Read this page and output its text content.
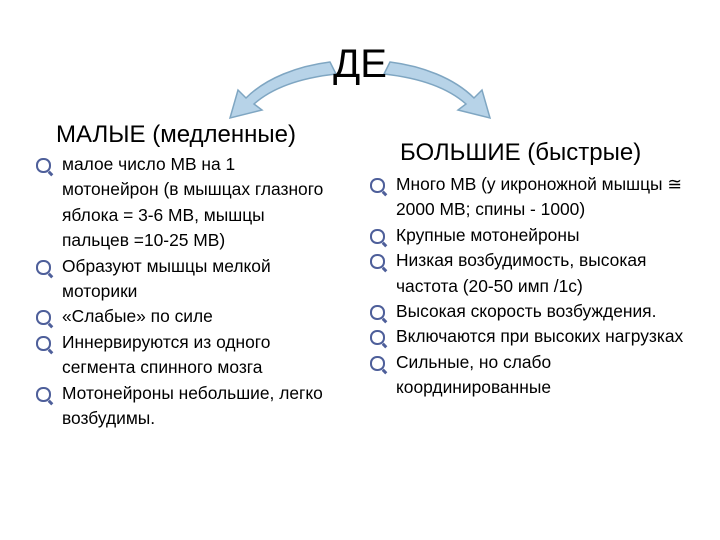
ДЕ
МАЛЫЕ (медленные)
БОЛЬШИЕ (быстрые)
малое число МВ на 1 мотонейрон (в мышцах глазного яблока = 3-6 МВ, мышцы пальцев =10-25 МВ)
Образуют мышцы мелкой моторики
«Слабые» по силе
Иннервируются из одного сегмента спинного мозга
Мотонейроны небольшие, легко возбудимы.
Много МВ (у икроножной мышцы ≅ 2000 МВ; спины - 1000)
Крупные мотонейроны
Низкая возбудимость, высокая частота (20-50 имп /1с)
Высокая скорость возбуждения.
Включаются при высоких нагрузках
Сильные, но слабо координированные
